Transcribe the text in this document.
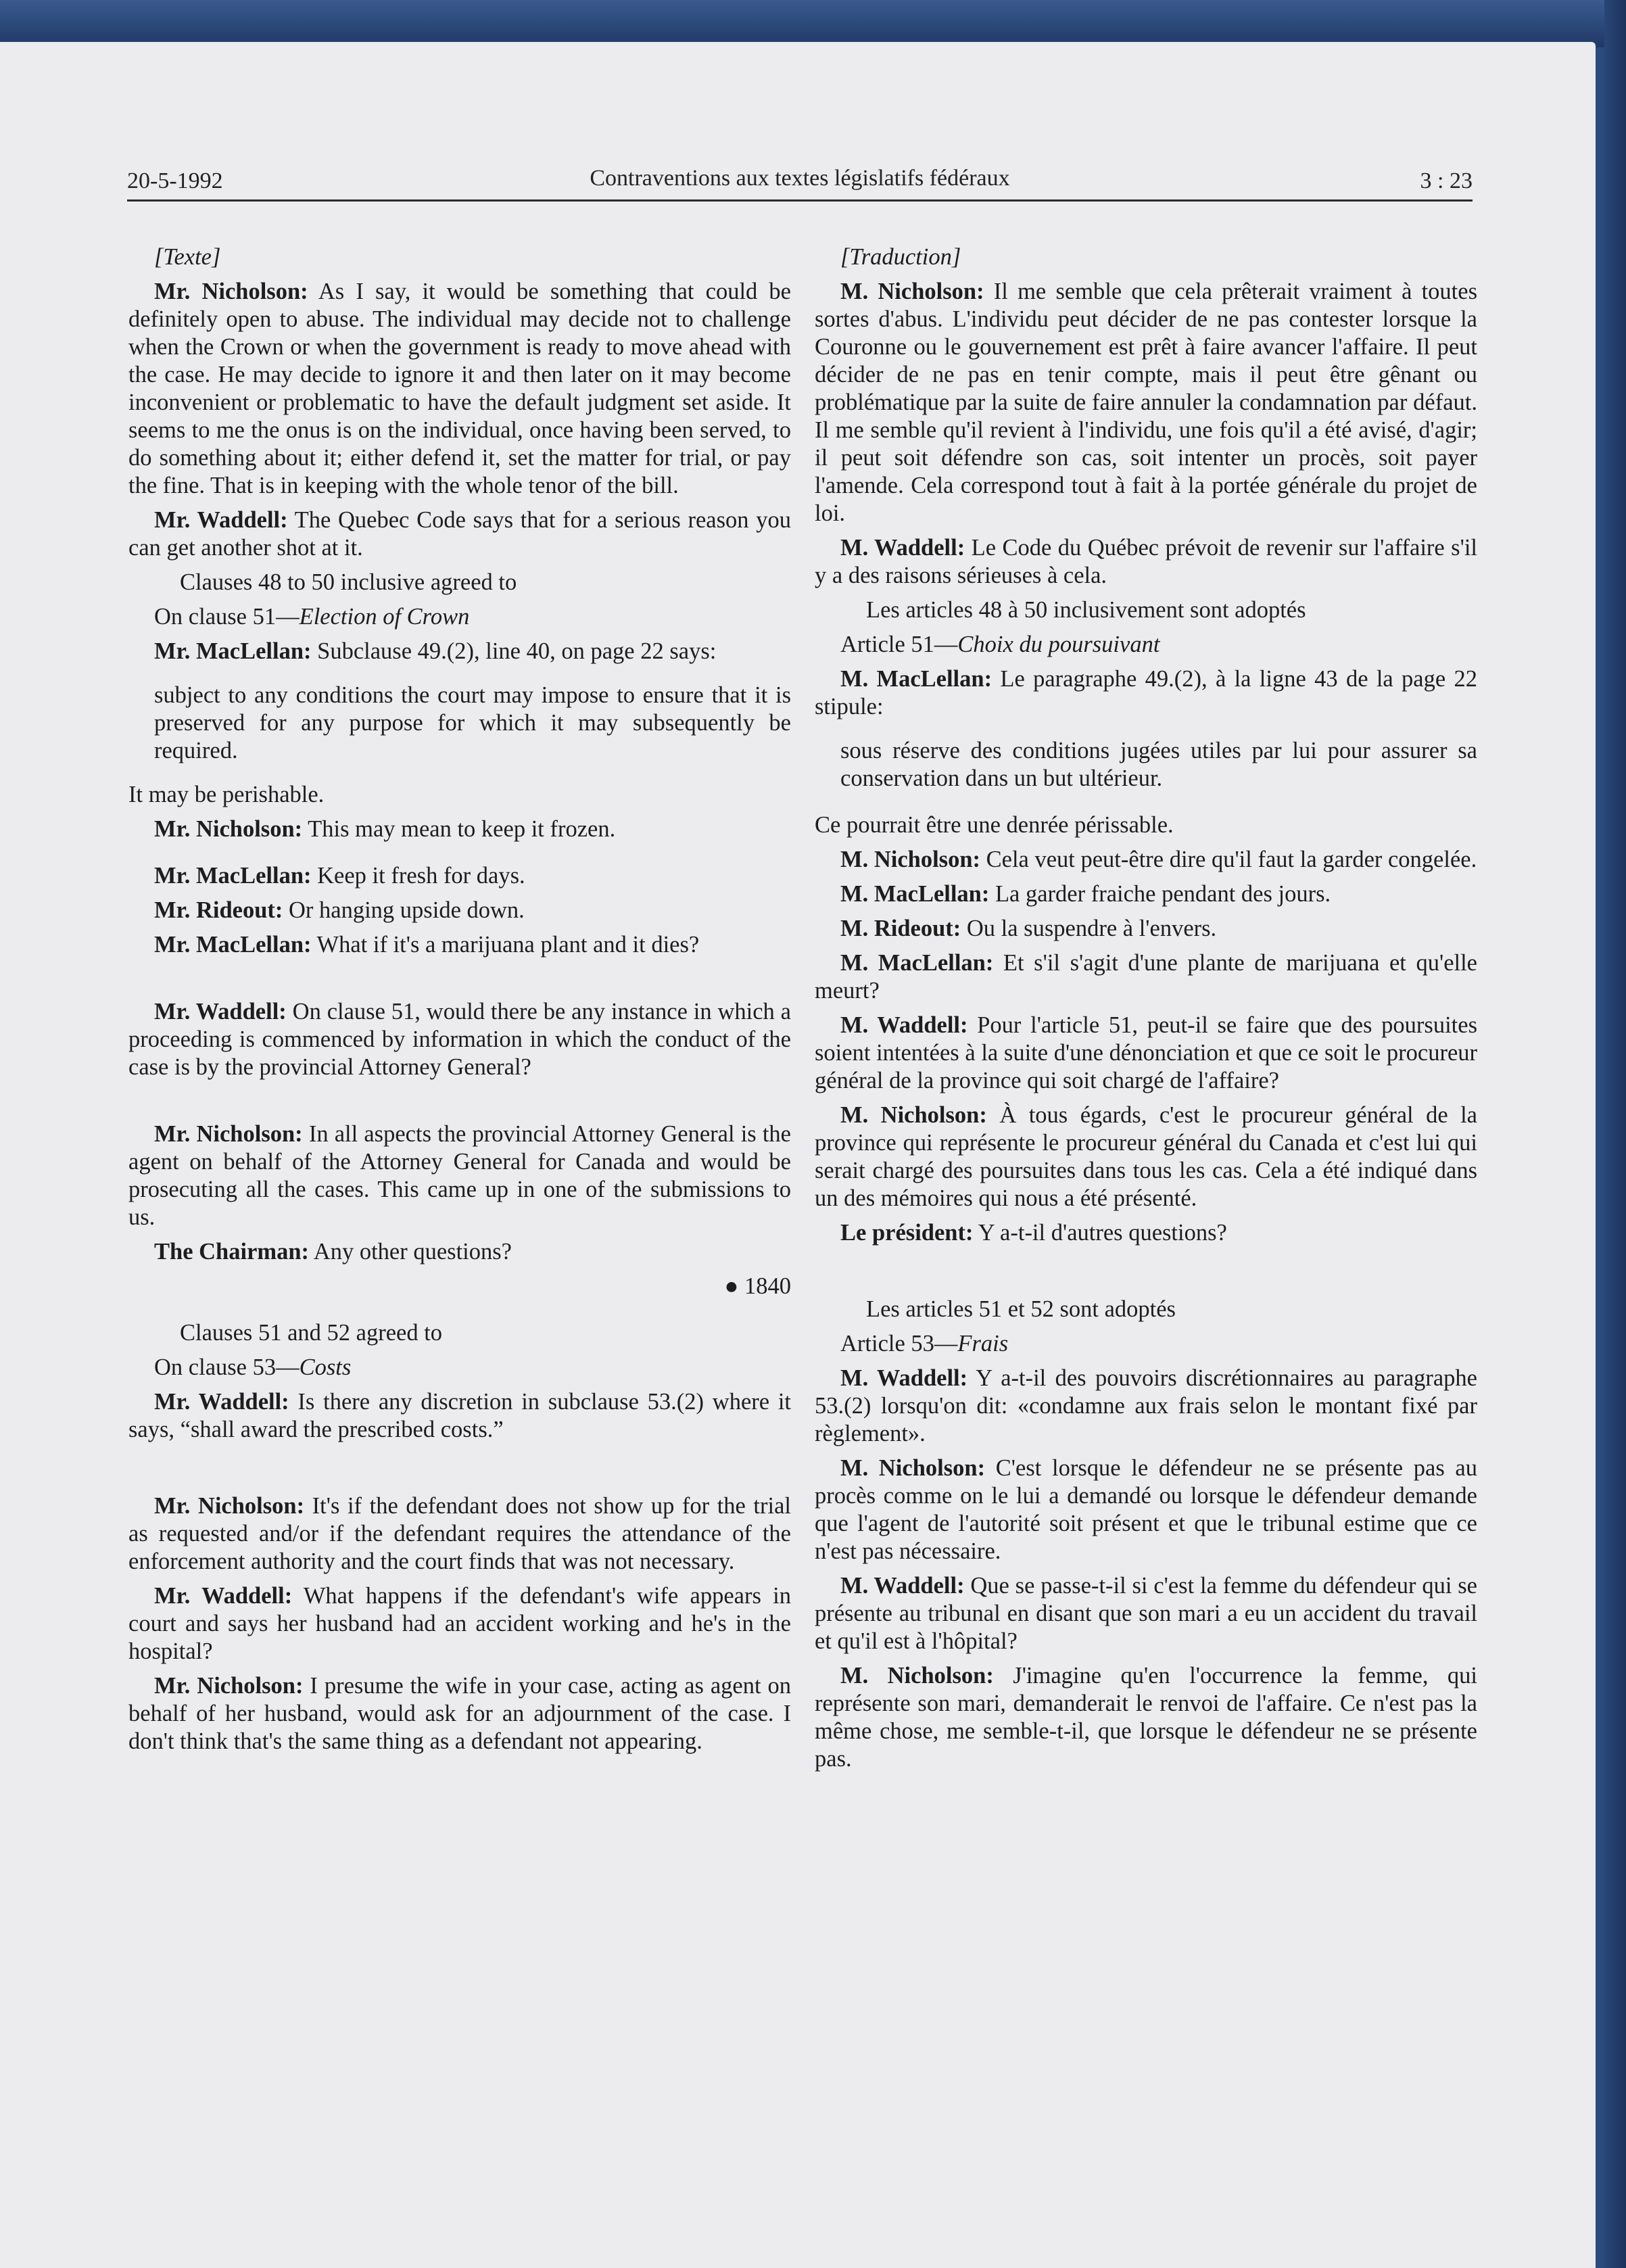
20-5-1992	Contraventions aux textes législatifs fédéraux	3 : 23

[Texte]

Mr. Nicholson: As I say, it would be something that could be definitely open to abuse. The individual may decide not to challenge when the Crown or when the government is ready to move ahead with the case. He may decide to ignore it and then later on it may become inconvenient or problematic to have the default judgment set aside. It seems to me the onus is on the individual, once having been served, to do something about it; either defend it, set the matter for trial, or pay the fine. That is in keeping with the whole tenor of the bill.

Mr. Waddell: The Quebec Code says that for a serious reason you can get another shot at it.

Clauses 48 to 50 inclusive agreed to

On clause 51—Election of Crown

Mr. MacLellan: Subclause 49.(2), line 40, on page 22 says:

subject to any conditions the court may impose to ensure that it is preserved for any purpose for which it may subsequently be required.

It may be perishable.

Mr. Nicholson: This may mean to keep it frozen.

Mr. MacLellan: Keep it fresh for days.

Mr. Rideout: Or hanging upside down.

Mr. MacLellan: What if it's a marijuana plant and it dies?

Mr. Waddell: On clause 51, would there be any instance in which a proceeding is commenced by information in which the conduct of the case is by the provincial Attorney General?

Mr. Nicholson: In all aspects the provincial Attorney General is the agent on behalf of the Attorney General for Canada and would be prosecuting all the cases. This came up in one of the submissions to us.

The Chairman: Any other questions?

● 1840

Clauses 51 and 52 agreed to

On clause 53—Costs

Mr. Waddell: Is there any discretion in subclause 53.(2) where it says, “shall award the prescribed costs.”

Mr. Nicholson: It's if the defendant does not show up for the trial as requested and/or if the defendant requires the attendance of the enforcement authority and the court finds that was not necessary.

Mr. Waddell: What happens if the defendant's wife appears in court and says her husband had an accident working and he's in the hospital?

Mr. Nicholson: I presume the wife in your case, acting as agent on behalf of her husband, would ask for an adjournment of the case. I don't think that's the same thing as a defendant not appearing.

[Traduction]

M. Nicholson: Il me semble que cela prêterait vraiment à toutes sortes d'abus. L'individu peut décider de ne pas contester lorsque la Couronne ou le gouvernement est prêt à faire avancer l'affaire. Il peut décider de ne pas en tenir compte, mais il peut être gênant ou problématique par la suite de faire annuler la condamnation par défaut. Il me semble qu'il revient à l'individu, une fois qu'il a été avisé, d'agir; il peut soit défendre son cas, soit intenter un procès, soit payer l'amende. Cela correspond tout à fait à la portée générale du projet de loi.

M. Waddell: Le Code du Québec prévoit de revenir sur l'affaire s'il y a des raisons sérieuses à cela.

Les articles 48 à 50 inclusivement sont adoptés

Article 51—Choix du poursuivant

M. MacLellan: Le paragraphe 49.(2), à la ligne 43 de la page 22 stipule:

sous réserve des conditions jugées utiles par lui pour assurer sa conservation dans un but ultérieur.

Ce pourrait être une denrée périssable.

M. Nicholson: Cela veut peut-être dire qu'il faut la garder congelée.

M. MacLellan: La garder fraiche pendant des jours.

M. Rideout: Ou la suspendre à l'envers.

M. MacLellan: Et s'il s'agit d'une plante de marijuana et qu'elle meurt?

M. Waddell: Pour l'article 51, peut-il se faire que des poursuites soient intentées à la suite d'une dénonciation et que ce soit le procureur général de la province qui soit chargé de l'affaire?

M. Nicholson: À tous égards, c'est le procureur général de la province qui représente le procureur général du Canada et c'est lui qui serait chargé des poursuites dans tous les cas. Cela a été indiqué dans un des mémoires qui nous a été présenté.

Le président: Y a-t-il d'autres questions?

Les articles 51 et 52 sont adoptés

Article 53—Frais

M. Waddell: Y a-t-il des pouvoirs discrétionnaires au paragraphe 53.(2) lorsqu'on dit: «condamne aux frais selon le montant fixé par règlement».

M. Nicholson: C'est lorsque le défendeur ne se présente pas au procès comme on le lui a demandé ou lorsque le défendeur demande que l'agent de l'autorité soit présent et que le tribunal estime que ce n'est pas nécessaire.

M. Waddell: Que se passe-t-il si c'est la femme du défendeur qui se présente au tribunal en disant que son mari a eu un accident du travail et qu'il est à l'hôpital?

M. Nicholson: J'imagine qu'en l'occurrence la femme, qui représente son mari, demanderait le renvoi de l'affaire. Ce n'est pas la même chose, me semble-t-il, que lorsque le défendeur ne se présente pas.
